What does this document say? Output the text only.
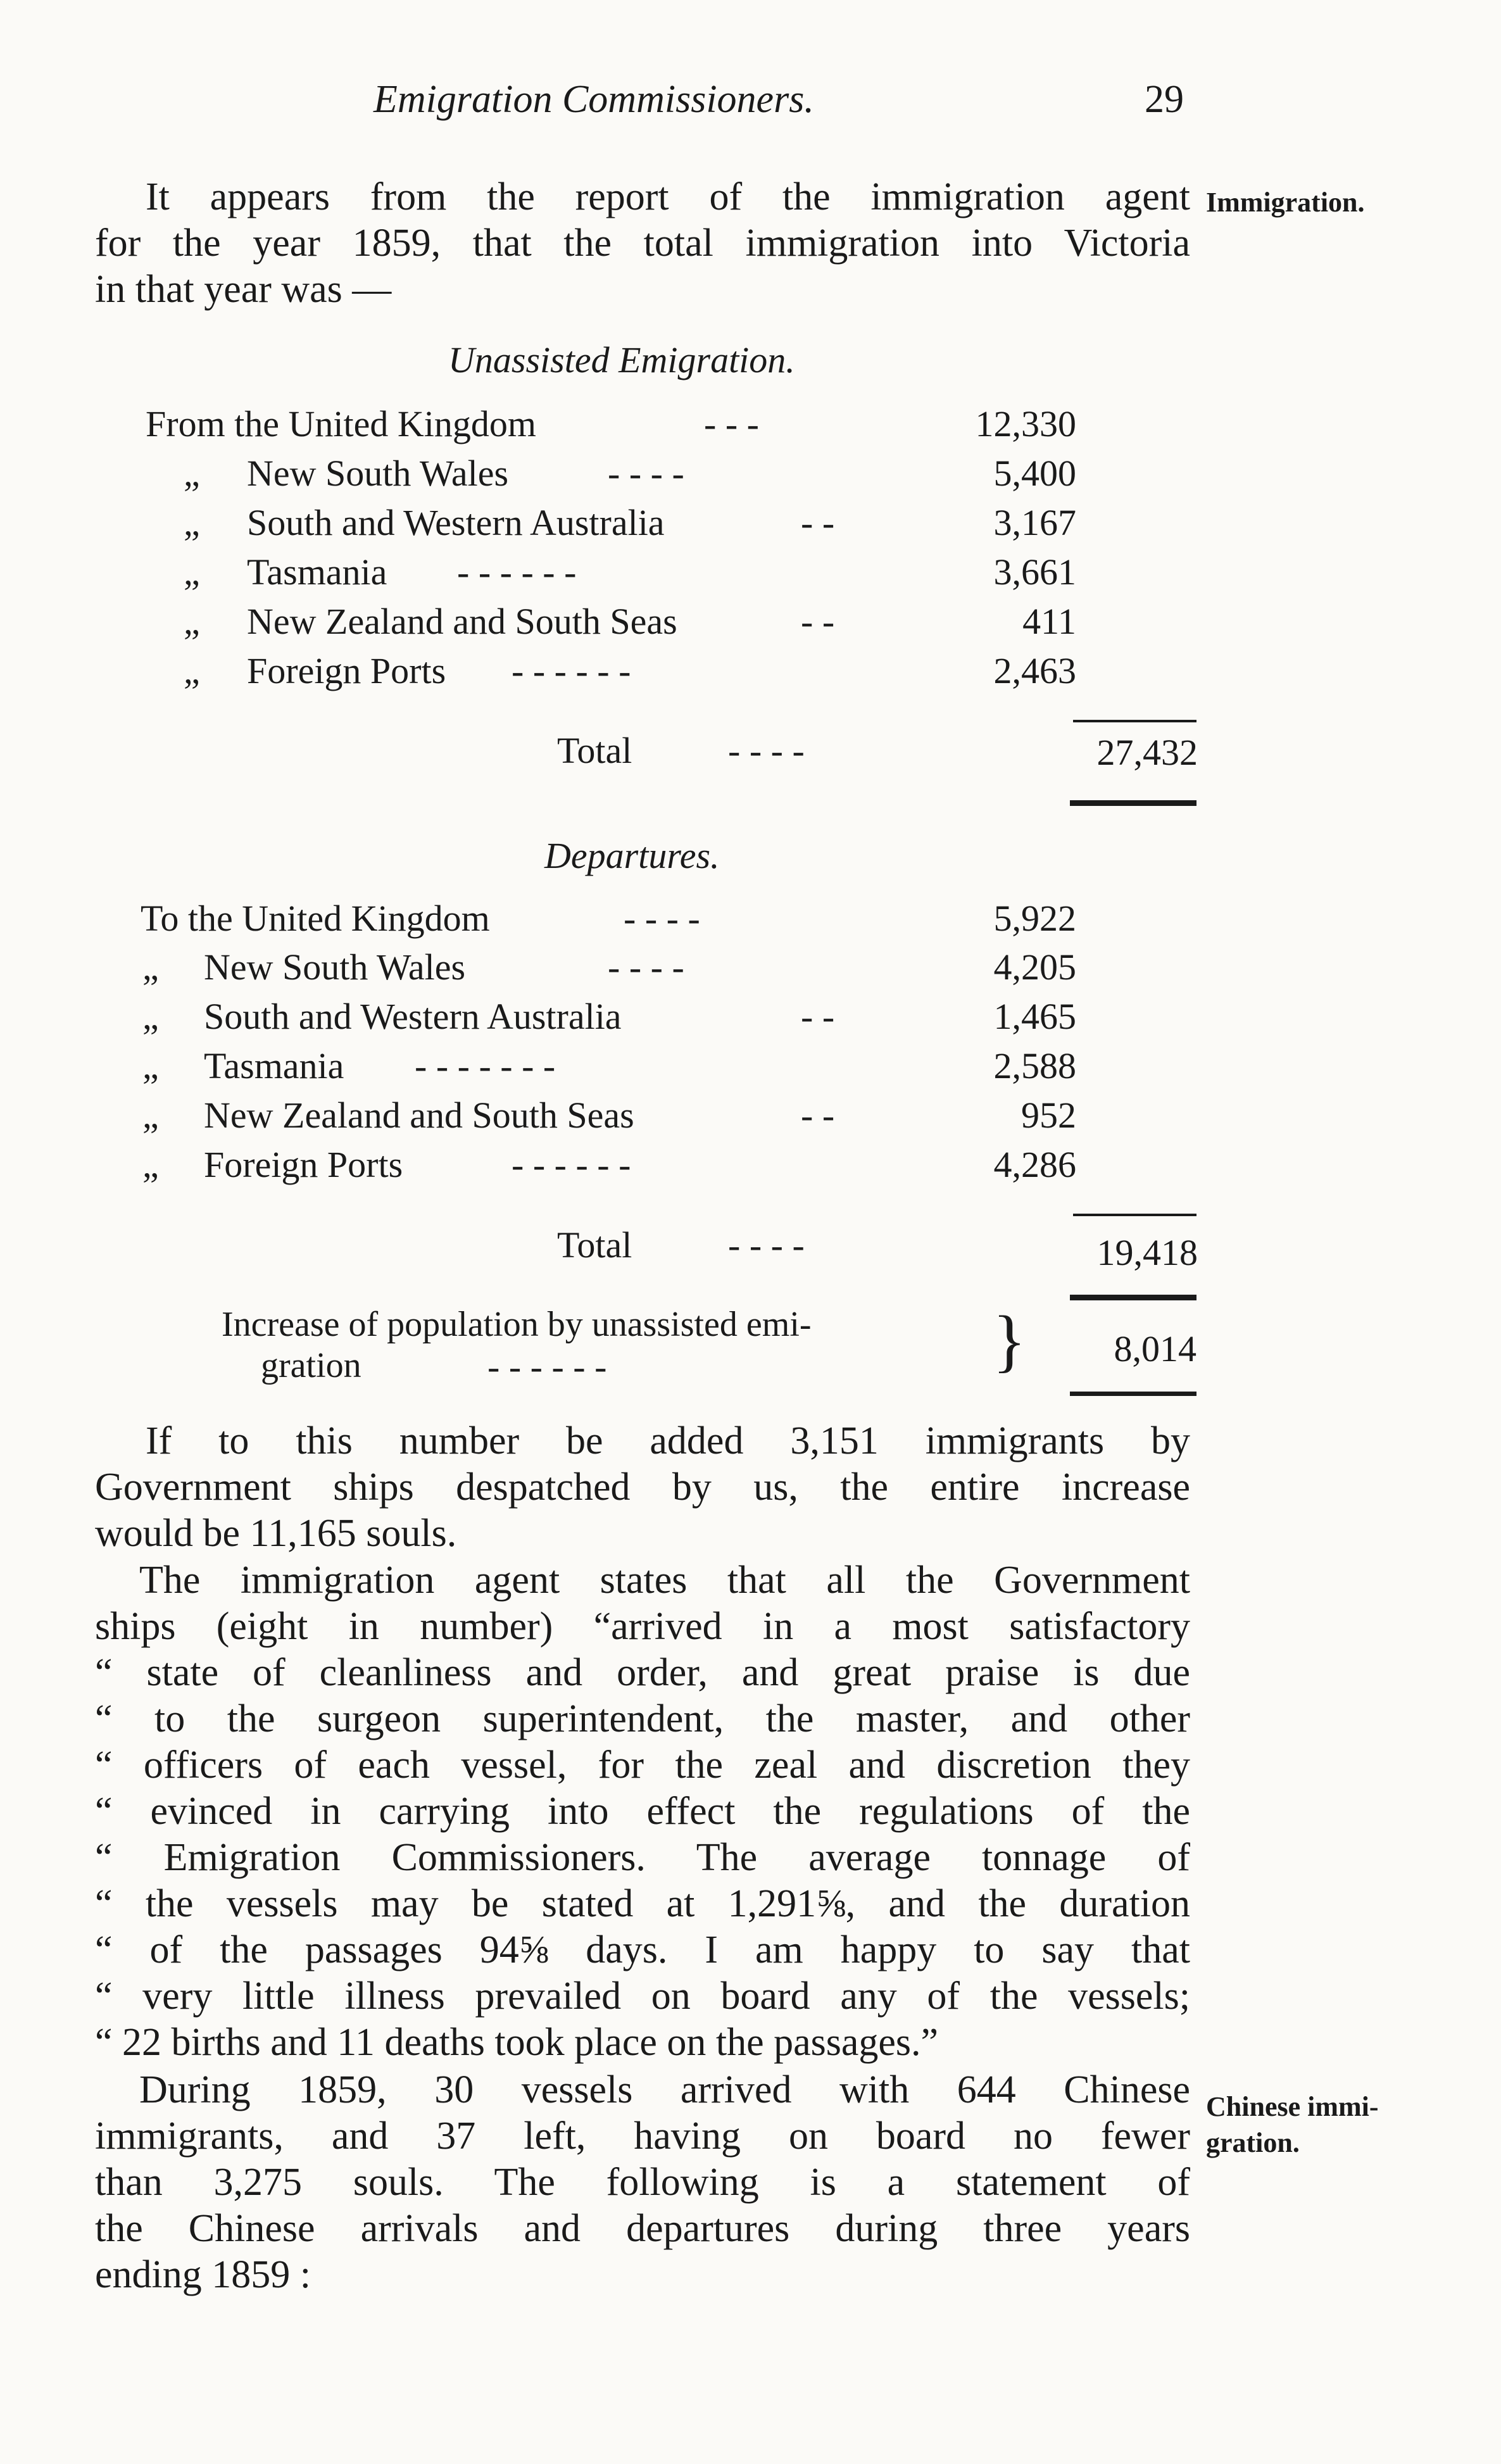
Emigration Commissioners.	29
It appears from the report of the immigration agent
for the year 1859, that the total immigration into Victoria
in that year was —
Immigration.
Unassisted Emigration.
From the United Kingdom	- - -	12,330
„ New South Wales	- - - -	5,400
„ South and Western Australia	- -	3,167
„ Tasmania - - - - - -	3,661
„ New Zealand and South Seas	- -	411
„ Foreign Ports - - - - - -	2,463
Total	- - - -	27,432
Departures.
To the United Kingdom	- - - -	5,922
„ New South Wales	- - - -	4,205
„ South and Western Australia	- -	1,465
„ Tasmania - - - - - - -	2,588
„ New Zealand and South Seas	- -	952
„ Foreign Ports	- - - - - -	4,286
Total	- - - -	19,418
Increase of population by unassisted emi-
gration	- - - - - -	}	8,014
If to this number be added 3,151 immigrants by
Government ships despatched by us, the entire increase
would be 11,165 souls.
The immigration agent states that all the Government
ships (eight in number) “arrived in a most satisfactory
“ state of cleanliness and order, and great praise is due
“ to the surgeon superintendent, the master, and other
“ officers of each vessel, for the zeal and discretion they
“ evinced in carrying into effect the regulations of the
“ Emigration Commissioners. The average tonnage of
“ the vessels may be stated at 1,291⅝, and the duration
“ of the passages 94⅝ days. I am happy to say that
“ very little illness prevailed on board any of the vessels;
“ 22 births and 11 deaths took place on the passages.”
During 1859, 30 vessels arrived with 644 Chinese
immigrants, and 37 left, having on board no fewer
than 3,275 souls. The following is a statement of
the Chinese arrivals and departures during three years
ending 1859 :
Chinese immi-
gration.
